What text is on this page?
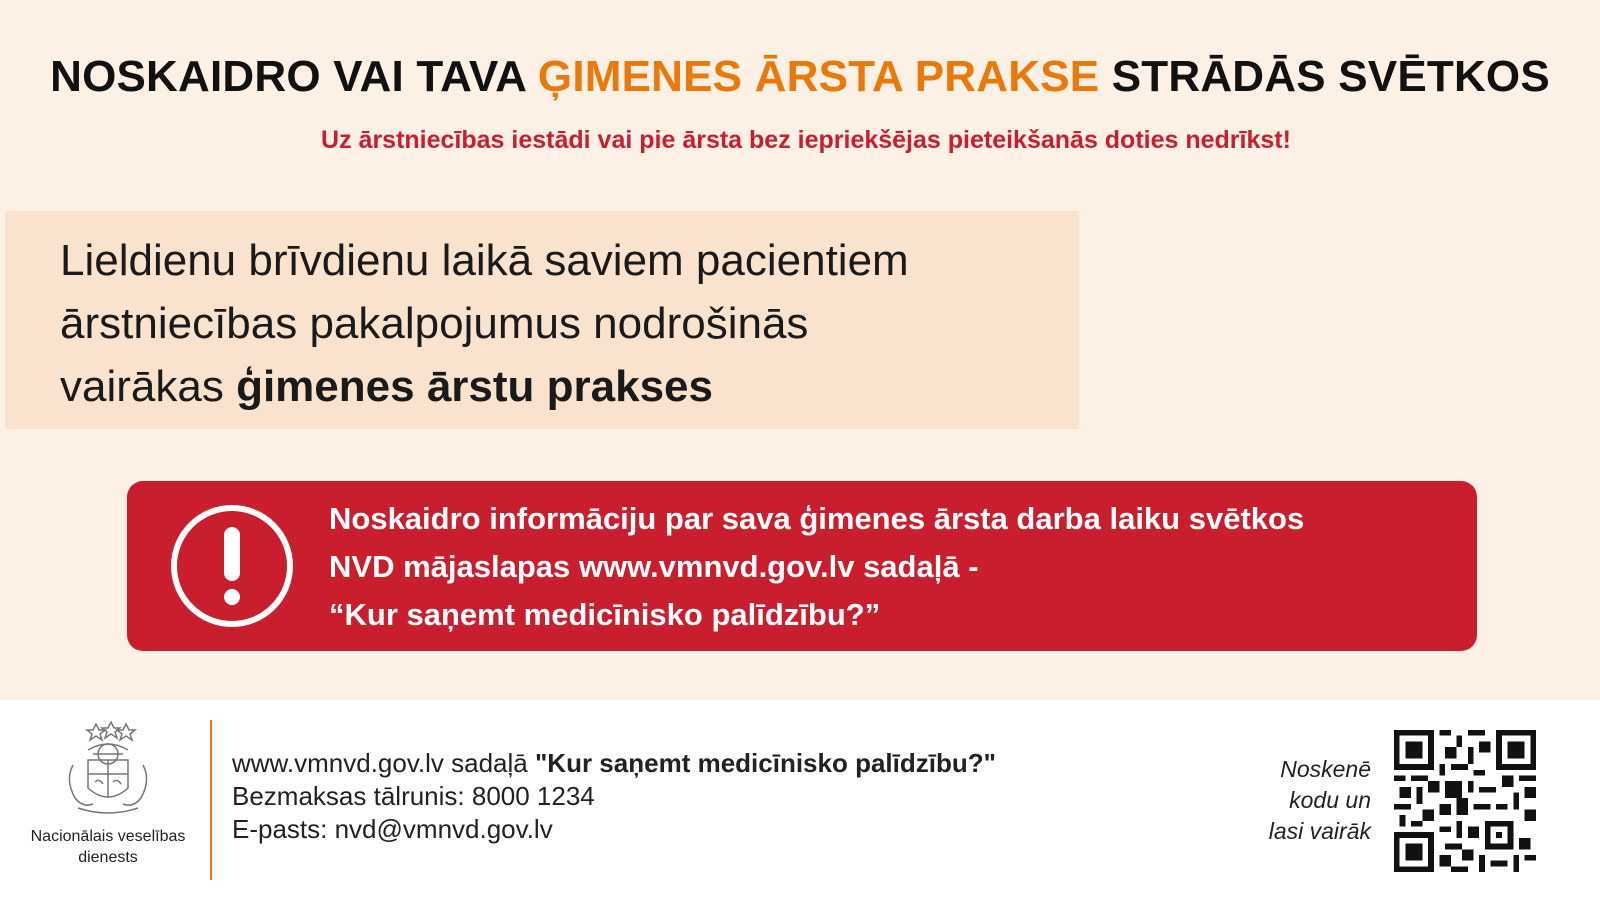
NOSKAIDRO VAI TAVA ĢIMENES ĀRSTA PRAKSE STRĀDĀS SVĒTKOS
Uz ārstniecības iestādi vai pie ārsta bez iepriekšējas pieteikšanās doties nedrīkst!
Lieldienu brīvdienu laikā saviem pacientiem
ārstniecības pakalpojumus nodrošinās
vairākas ģimenes ārstu prakses
Noskaidro informāciju par sava ģimenes ārsta darba laiku svētkos
NVD mājaslapas www.vmnvd.gov.lv sadaļā -
“Kur saņemt medicīnisko palīdzību?”
Nacionālais veselības
dienests
www.vmnvd.gov.lv sadaļā "Kur saņemt medicīnisko palīdzību?"
Bezmaksas tālrunis: 8000 1234
E-pasts: nvd@vmnvd.gov.lv
Noskenē
kodu un
lasi vairāk
